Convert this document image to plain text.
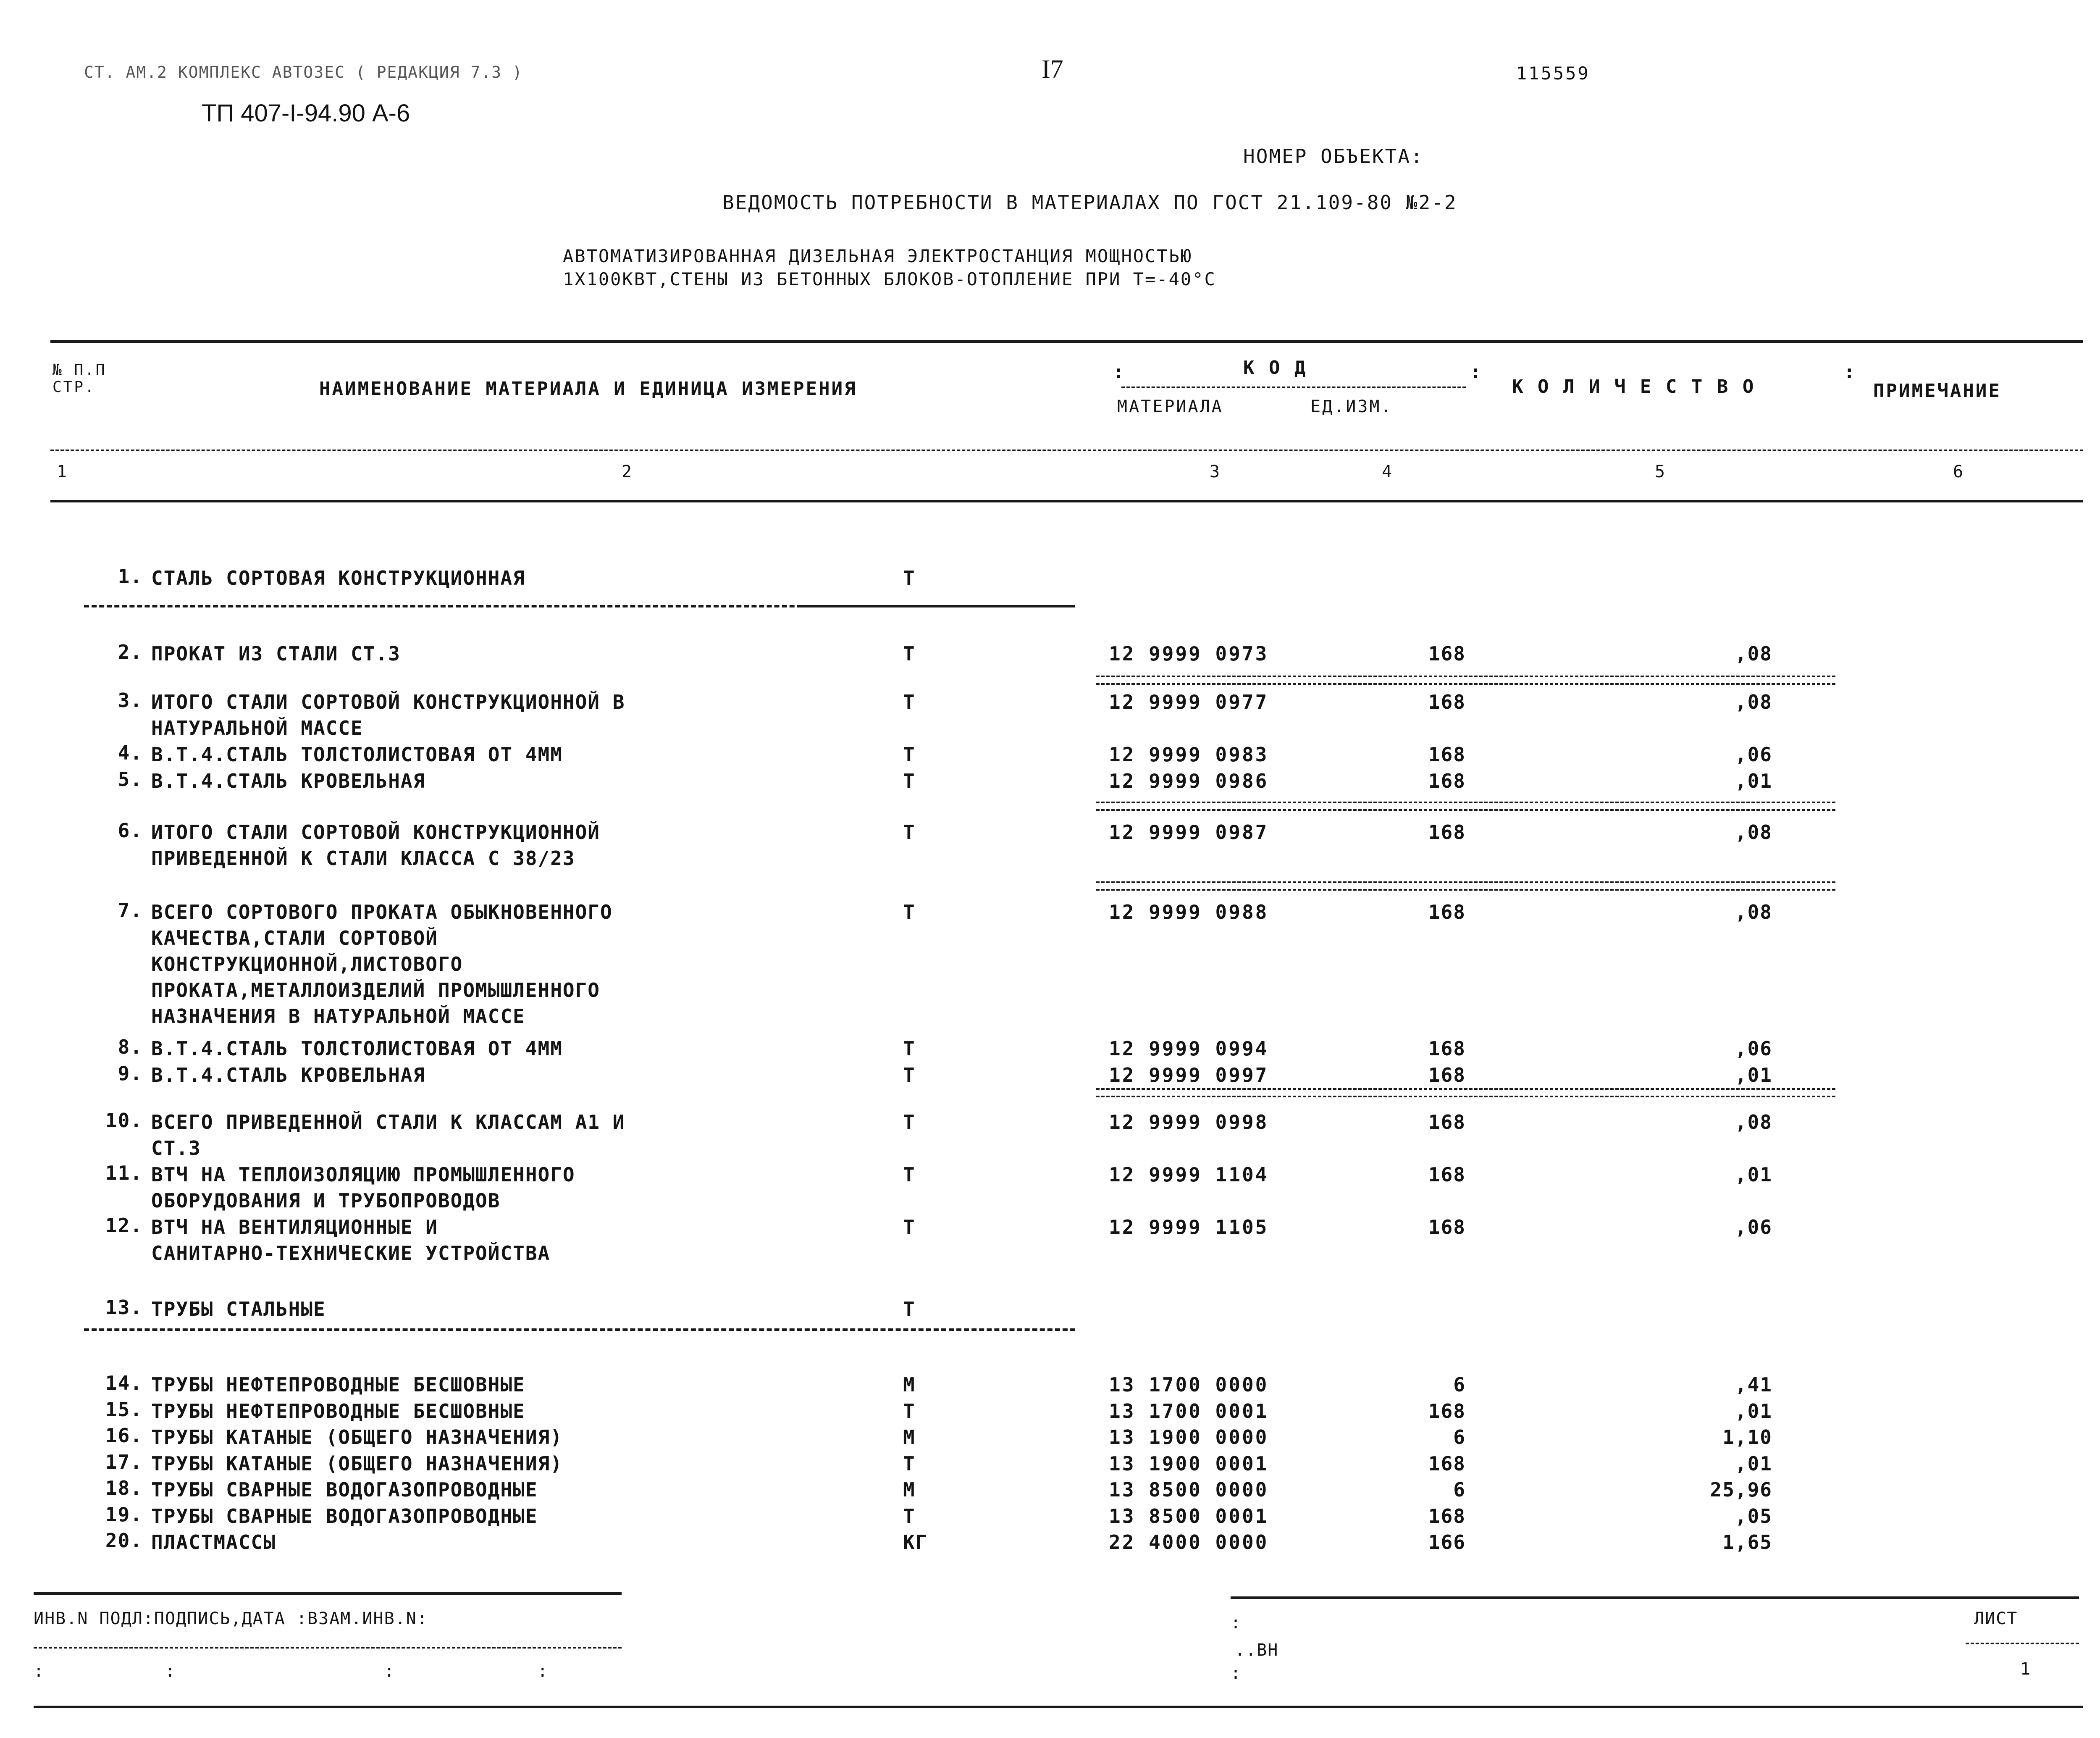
СТ. АМ.2 КОМПЛЕКС АВТОЗЕС ( РЕДАКЦИЯ 7.3 )
ТП 407-I-94.90 А-6
I7	115559
НОМЕР ОБЪЕКТА:
ВЕДОМОСТЬ ПОТРЕБНОСТИ В МАТЕРИАЛАХ ПО ГОСТ 21.109-80 №2-2
АВТОМАТИЗИРОВАННАЯ ДИЗЕЛЬНАЯ ЭЛЕКТРОСТАНЦИЯ МОЩНОСТЬЮ
1Х100КВТ,СТЕНЫ ИЗ БЕТОННЫХ БЛОКОВ-ОТОПЛЕНИЕ ПРИ Т=-40°С
№ П.П СТР.	НАИМЕНОВАНИЕ МАТЕРИАЛА И ЕДИНИЦА ИЗМЕРЕНИЯ
:	К О Д
МАТЕРИАЛА	ЕД.ИЗМ.
:
К О Л И Ч Е С Т В О
:
ПРИМЕЧАНИЕ
1	2	3	4	5	6
1. СТАЛЬ СОРТОВАЯ КОНСТРУКЦИОННАЯ	Т
2. ПРОКАТ ИЗ СТАЛИ СТ.3	Т	12 9999 0973	168	,08
3. ИТОГО СТАЛИ СОРТОВОЙ КОНСТРУКЦИОННОЙ В
НАТУРАЛЬНОЙ МАССЕ
Т	12 9999 0977	168	,08
4. В.Т.4.СТАЛЬ ТОЛСТОЛИСТОВАЯ ОТ 4ММ	Т	12 9999 0983	168	,06
5. В.Т.4.СТАЛЬ КРОВЕЛЬНАЯ	Т	12 9999 0986	168	,01
6. ИТОГО СТАЛИ СОРТОВОЙ КОНСТРУКЦИОННОЙ
ПРИВЕДЕННОЙ К СТАЛИ КЛАССА С 38/23
Т	12 9999 0987	168	,08
7. ВСЕГО СОРТОВОГО ПРОКАТА ОБЫКНОВЕННОГО
КАЧЕСТВА,СТАЛИ СОРТОВОЙ
КОНСТРУКЦИОННОЙ,ЛИСТОВОГО
ПРОКАТА,МЕТАЛЛОИЗДЕЛИЙ ПРОМЫШЛЕННОГО
НАЗНАЧЕНИЯ В НАТУРАЛЬНОЙ МАССЕ
Т	12 9999 0988	168	,08
8. В.Т.4.СТАЛЬ ТОЛСТОЛИСТОВАЯ ОТ 4ММ	Т	12 9999 0994	168	,06
9. В.Т.4.СТАЛЬ КРОВЕЛЬНАЯ	Т	12 9999 0997	168	,01
10. ВСЕГО ПРИВЕДЕННОЙ СТАЛИ К КЛАССАМ А1 И
СТ.3
Т	12 9999 0998	168	,08
11. ВТЧ НА ТЕПЛОИЗОЛЯЦИЮ ПРОМЫШЛЕННОГО
ОБОРУДОВАНИЯ И ТРУБОПРОВОДОВ
Т	12 9999 1104	168	,01
12. ВТЧ НА ВЕНТИЛЯЦИОННЫЕ И
САНИТАРНО-ТЕХНИЧЕСКИЕ УСТРОЙСТВА
Т	12 9999 1105	168	,06
13. ТРУБЫ СТАЛЬНЫЕ	Т
14. ТРУБЫ НЕФТЕПРОВОДНЫЕ БЕСШОВНЫЕ	М	13 1700 0000	6	,41
15. ТРУБЫ НЕФТЕПРОВОДНЫЕ БЕСШОВНЫЕ	Т	13 1700 0001	168	,01
16. ТРУБЫ КАТАНЫЕ (ОБЩЕГО НАЗНАЧЕНИЯ)	М	13 1900 0000	6	1,10
17. ТРУБЫ КАТАНЫЕ (ОБЩЕГО НАЗНАЧЕНИЯ)	Т	13 1900 0001	168	,01
18. ТРУБЫ СВАРНЫЕ ВОДОГАЗОПРОВОДНЫЕ	М	13 8500 0000	6	25,96
19. ТРУБЫ СВАРНЫЕ ВОДОГАЗОПРОВОДНЫЕ	Т	13 8500 0001	168	,05
20. ПЛАСТМАССЫ	КГ	22 4000 0000	166	1,65
ИНВ.N ПОДЛ:ПОДПИСЬ,ДАТА :ВЗАМ.ИНВ.N:
:           :                   :             :
:
..ВН
:
ЛИСТ
1
